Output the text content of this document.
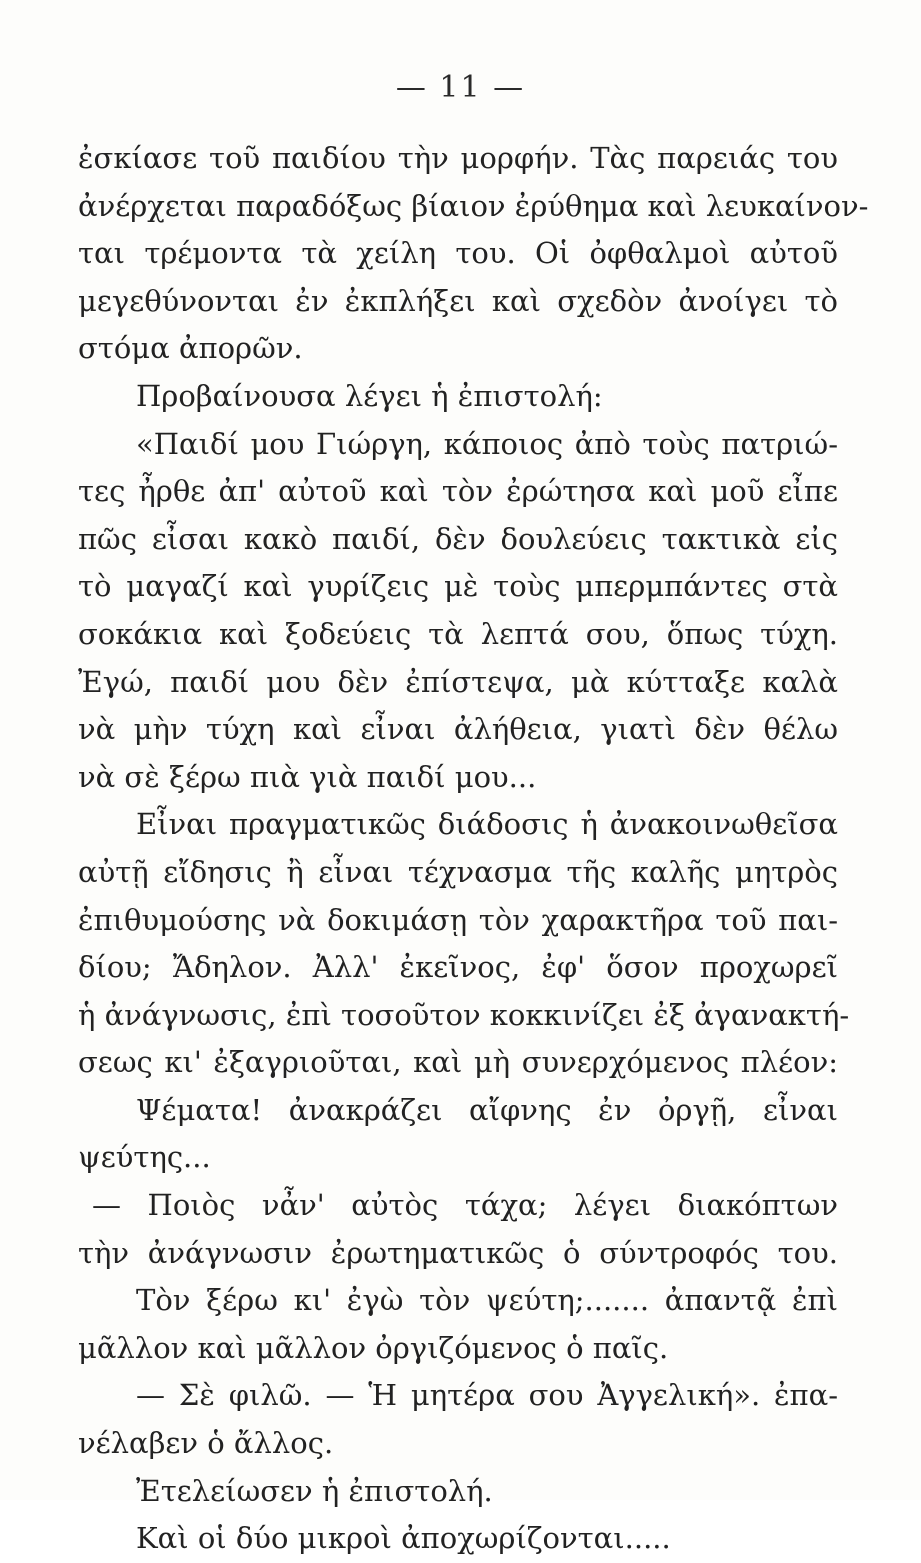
— 11 —
ἐσκίασε τοῦ παιδίου τὴν μορφήν. Τὰς παρειάς του
ἀνέρχεται παραδόξως βίαιον ἐρύθημα καὶ λευκαίνον-
ται τρέμοντα τὰ χείλη του. Οἱ ὀφθαλμοὶ αὐτοῦ
μεγεθύνονται ἐν ἐκπλήξει καὶ σχεδὸν ἀνοίγει τὸ
στόμα ἀπορῶν.
Προβαίνουσα λέγει ἡ ἐπιστολή:
«Παιδί μου Γιώργη, κάποιος ἀπὸ τοὺς πατριώ-
τες ἦρθε ἀπ' αὐτοῦ καὶ τὸν ἐρώτησα καὶ μοῦ εἶπε
πῶς εἶσαι κακὸ παιδί, δὲν δουλεύεις τακτικὰ εἰς
τὸ μαγαζί καὶ γυρίζεις μὲ τοὺς μπερμπάντες στὰ
σοκάκια καὶ ξοδεύεις τὰ λεπτά σου, ὅπως τύχη.
Ἐγώ, παιδί μου δὲν ἐπίστεψα, μὰ κύτταξε καλὰ
νὰ μὴν τύχη καὶ εἶναι ἀλήθεια, γιατὶ δὲν θέλω
νὰ σὲ ξέρω πιὰ γιὰ παιδί μου...
Εἶναι πραγματικῶς διάδοσις ἡ ἀνακοινωθεῖσα
αὐτῇ εἴδησις ἢ εἶναι τέχνασμα τῆς καλῆς μητρὸς
ἐπιθυμούσης νὰ δοκιμάσῃ τὸν χαρακτῆρα τοῦ παι-
δίου; Ἄδηλον. Ἀλλ' ἐκεῖνος, ἐφ' ὅσον προχωρεῖ
ἡ ἀνάγνωσις, ἐπὶ τοσοῦτον κοκκινίζει ἐξ ἀγανακτή-
σεως κι' ἐξαγριοῦται, καὶ μὴ συνερχόμενος πλέον:
Ψέματα! ἀνακράζει αἴφνης ἐν ὀργῇ, εἶναι
ψεύτης...
— Ποιὸς νἆν' αὐτὸς τάχα; λέγει διακόπτων
τὴν ἀνάγνωσιν ἐρωτηματικῶς ὁ σύντροφός του.
Τὸν ξέρω κι' ἐγὼ τὸν ψεύτη;....... ἀπαντᾷ ἐπὶ
μᾶλλον καὶ μᾶλλον ὀργιζόμενος ὁ παῖς.
— Σὲ φιλῶ. — Ἡ μητέρα σου Ἀγγελική». ἐπα-
νέλαβεν ὁ ἄλλος.
Ἐτελείωσεν ἡ ἐπιστολή.
Καὶ οἱ δύο μικροὶ ἀποχωρίζονται.....
